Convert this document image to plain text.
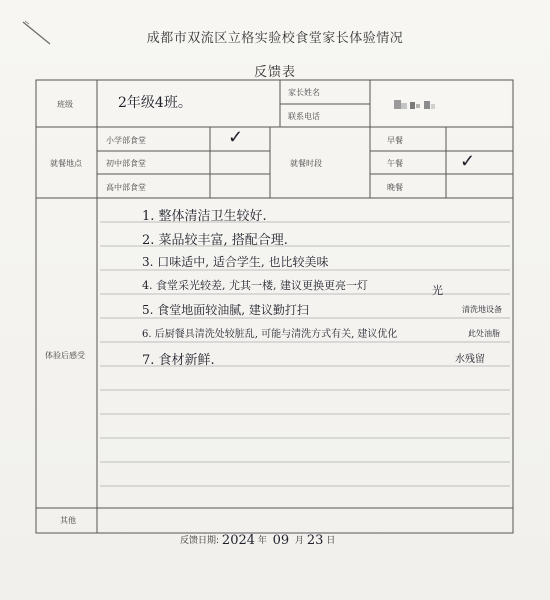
成都市双流区立格实验校食堂家长体验情况
反馈表
班级	2年级4班。
家长姓名
联系电话
就餐地点
小学部食堂
初中部食堂
高中部食堂
✓
就餐时段
早餐
午餐
晚餐
✓
体验后感受
1. 整体清洁卫生较好.
2. 菜品较丰富, 搭配合理.
3. 口味适中, 适合学生, 也比较美味
4. 食堂采光较差, 尤其一楼, 建议更换更亮一灯
5. 食堂地面较油腻, 建议勤打扫
6. 后厨餐具清洗处较脏乱, 可能与清洗方式有关, 建议优化
7. 食材新鲜.
光
清洗地设备
此处油脂
水残留
其他
反馈日期: 2024 年 09 月 23 日
